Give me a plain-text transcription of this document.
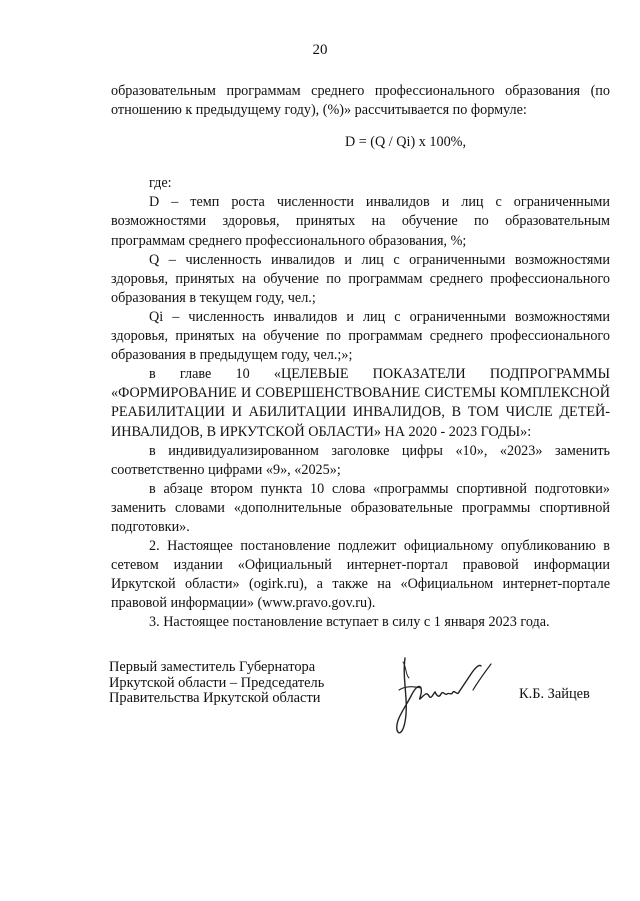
20

образовательным программам среднего профессионального образования (по отношению к предыдущему году), (%)» рассчитывается по формуле:

D = (Q / Qi) х 100%,

где:

D – темп роста численности инвалидов и лиц с ограниченными возможностями здоровья, принятых на обучение по образовательным программам среднего профессионального образования, %;

Q – численность инвалидов и лиц с ограниченными возможностями здоровья, принятых на обучение по программам среднего профессионального образования в текущем году, чел.;

Qi – численность инвалидов и лиц с ограниченными возможностями здоровья, принятых на обучение по программам среднего профессионального образования в предыдущем году, чел.;»;

в главе 10 «ЦЕЛЕВЫЕ ПОКАЗАТЕЛИ ПОДПРОГРАММЫ «ФОРМИРОВАНИЕ И СОВЕРШЕНСТВОВАНИЕ СИСТЕМЫ КОМПЛЕКСНОЙ РЕАБИЛИТАЦИИ И АБИЛИТАЦИИ ИНВАЛИДОВ, В ТОМ ЧИСЛЕ ДЕТЕЙ-ИНВАЛИДОВ, В ИРКУТСКОЙ ОБЛАСТИ» НА 2020 - 2023 ГОДЫ»:

в индивидуализированном заголовке цифры «10», «2023» заменить соответственно цифрами «9», «2025»;

в абзаце втором пункта 10 слова «программы спортивной подготовки» заменить словами «дополнительные образовательные программы спортивной подготовки».

2. Настоящее постановление подлежит официальному опубликованию в сетевом издании «Официальный интернет-портал правовой информации Иркутской области» (ogirk.ru), а также на «Официальном интернет-портале правовой информации» (www.pravo.gov.ru).

3. Настоящее постановление вступает в силу с 1 января 2023 года.

Первый заместитель Губернатора
Иркутской области – Председатель
Правительства Иркутской области	К.Б. Зайцев
